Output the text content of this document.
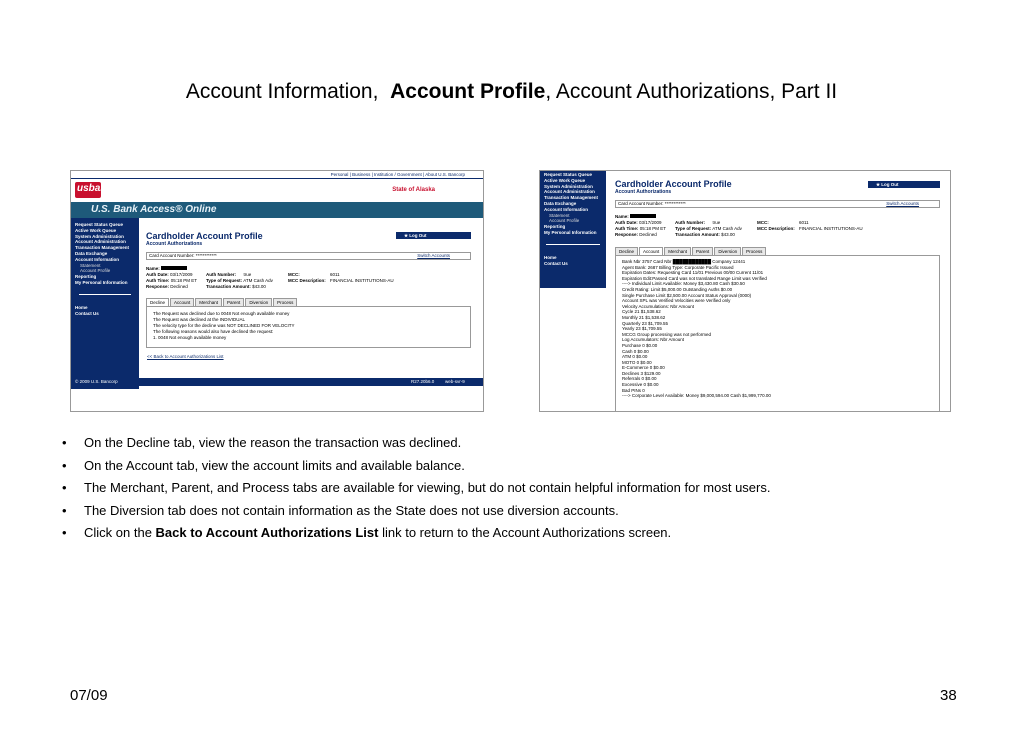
Account Information, Account Profile, Account Authorizations, Part II
Personal | Business | Institution / Government | About U.S. Bancorp
usbank	State of Alaska
U.S. Bank Access® Online
Request Status Queue
Active Work Queue
System Administration
Account Administration
Transaction Management
Data Exchange
Account Information
Statement
Account Profile
Reporting
My Personal Information
Home
Contact Us
Cardholder Account Profile
Account Authorizations
★ Log Out
Card Account Number: ************	Switch Accounts
Name:
Auth Date: 03/17/2009	Auth Number: true	MCC:	6011
Auth Time: 05:18 PM ET	Type of Request: ATM Cash Adv	MCC Description: FINANCIAL INSTITUTIONS-AU
Response: Declined	Transaction Amount: $43.00
Decline	Account	Merchant	Parent	Diversion	Process
The Request was declined due to 0048 Not enough available money
The Request was declined at the INDIVIDUAL
The velocity type for the decline was NOT DECLINED FOR VELOCITY
The following reasons would also have declined the request:
1. 0048 Not enough available money
<< Back to Account Authorizations List
© 2009 U.S. Bancorp	R27.20b6.0 web-svr-9
Request Status Queue
Active Work Queue
System Administration
Account Administration
Transaction Management
Data Exchange
Account Information
Statement
Account Profile
Reporting
My Personal Information
Home
Contact Us
Cardholder Account Profile
Account Authorizations
★ Log Out
Card Account Number: ************	Switch Accounts
Name:
Auth Date: 03/17/2009	Auth Number: true	MCC:	6011
Auth Time: 05:18 PM ET	Type of Request: ATM Cash Adv	MCC Description: FINANCIAL INSTITUTIONS-AU
Response: Declined	Transaction Amount: $43.00
Decline	Account	Merchant	Parent	Diversion	Process
Bank Nbr 3757 Card Nbr ████████████ Company 12441
Agent Bank: 2687 Billing Type: Corporate Pacific Issued
Expiration Dates: Requesting Card 11/01 Previous 00/00 Current 11/01
Expiration Edit:Passed Card was not translated Range Limit was Verified
----> Individual Limit Available: Money $3,430.80 Cash $30.50
Credit Rating: Limit $5,000.00 Outstanding Auths $0.00
Single Purchase Limit $2,500.00 Account Status Approval (0000)
Account SPL was Verified Velocities were Verified only
Velocity Accumulations: Nbr Amount
Cycle 21 $1,538.62
Monthly 21 $1,538.62
Quarterly 23 $1,709.55
Yearly 23 $1,709.55
MCCG Group processing was not performed
Log Accumulators: Nbr Amount
Purchase 0 $0.00
Cash 0 $0.00
ATM 0 $0.00
MOTO 0 $0.00
E-Commerce 0 $0.00
Declines 3 $129.00
Referrals 0 $0.00
Excessive 0 $0.00
Bad PINs 0
----> Corporate Level Available: Money $9,000,594.00 Cash $1,999,770.00
• On the Decline tab, view the reason the transaction was declined.
• On the Account tab, view the account limits and available balance.
• The Merchant, Parent, and Process tabs are available for viewing, but do not contain helpful information for most users.
• The Diversion tab does not contain information as the State does not use diversion accounts.
• Click on the Back to Account Authorizations List link to return to the Account Authorizations screen.
07/09	38
